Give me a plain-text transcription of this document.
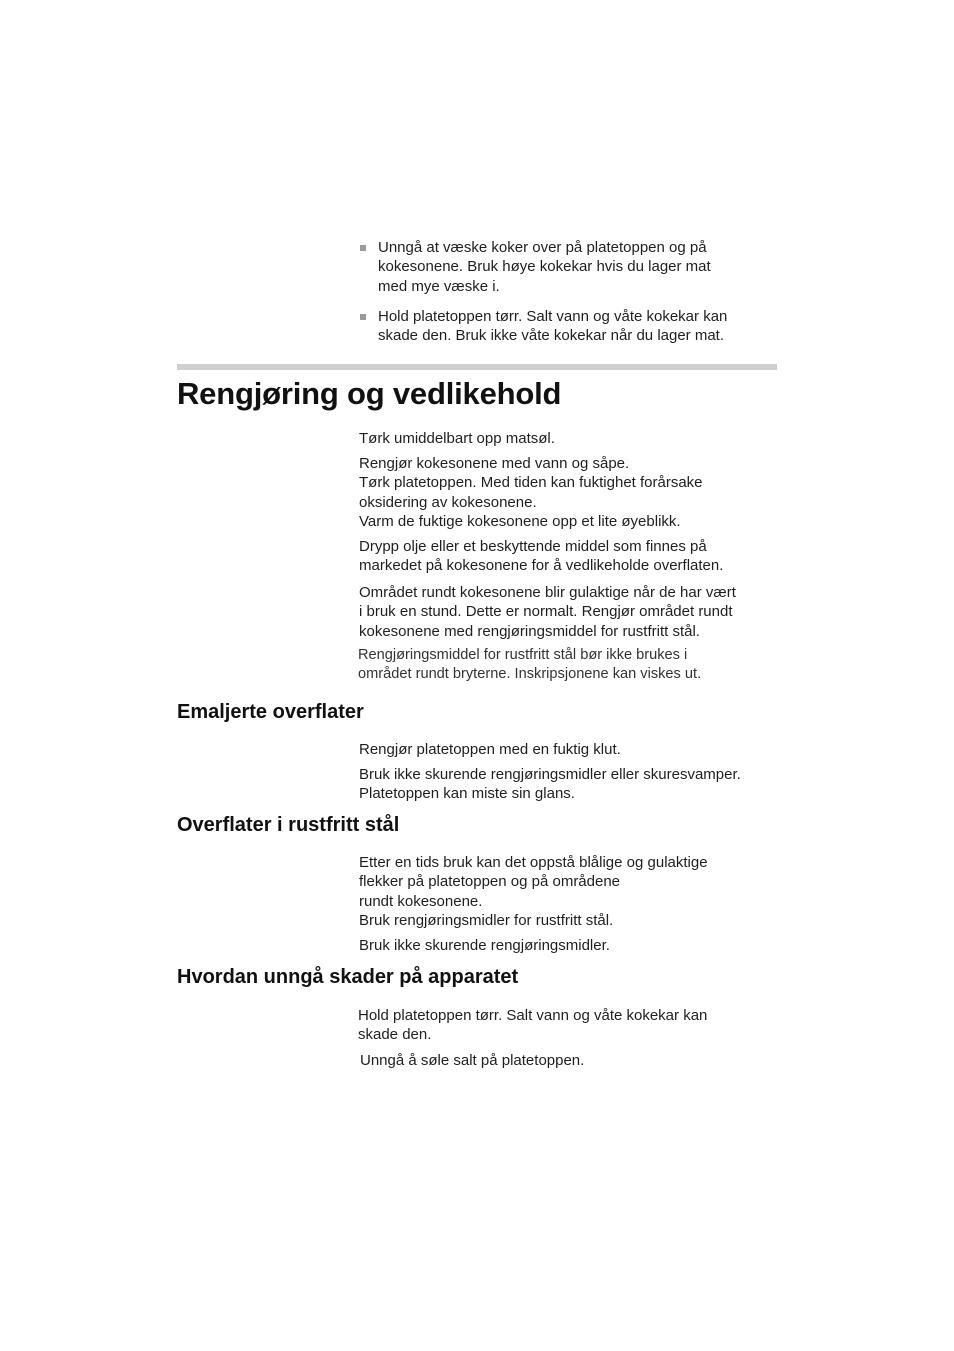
Unngå at væske koker over på platetoppen og på
kokesonene. Bruk høye kokekar hvis du lager mat
med mye væske i.

Hold platetoppen tørr. Salt vann og våte kokekar kan
skade den. Bruk ikke våte kokekar når du lager mat.

Rengjøring og vedlikehold
Tørk umiddelbart opp matsøl.
Rengjør kokesonene med vann og såpe.
Tørk platetoppen. Med tiden kan fuktighet forårsake
oksidering av kokesonene.
Varm de fuktige kokesonene opp et lite øyeblikk.
Drypp olje eller et beskyttende middel som finnes på
markedet på kokesonene for å vedlikeholde overflaten.
Området rundt kokesonene blir gulaktige når de har vært
i bruk en stund. Dette er normalt. Rengjør området rundt
kokesonene med rengjøringsmiddel for rustfritt stål.
Rengjøringsmiddel for rustfritt stål bør ikke brukes i
området rundt bryterne. Inskripsjonene kan viskes ut.
Emaljerte overflater
Rengjør platetoppen med en fuktig klut.
Bruk ikke skurende rengjøringsmidler eller skuresvamper.
Platetoppen kan miste sin glans.
Overflater i rustfritt stål
Etter en tids bruk kan det oppstå blålige og gulaktige
flekker på platetoppen og på områdene
rundt kokesonene.
Bruk rengjøringsmidler for rustfritt stål.
Bruk ikke skurende rengjøringsmidler.
Hvordan unngå skader på apparatet
Hold platetoppen tørr. Salt vann og våte kokekar kan
skade den.
Unngå å søle salt på platetoppen.
